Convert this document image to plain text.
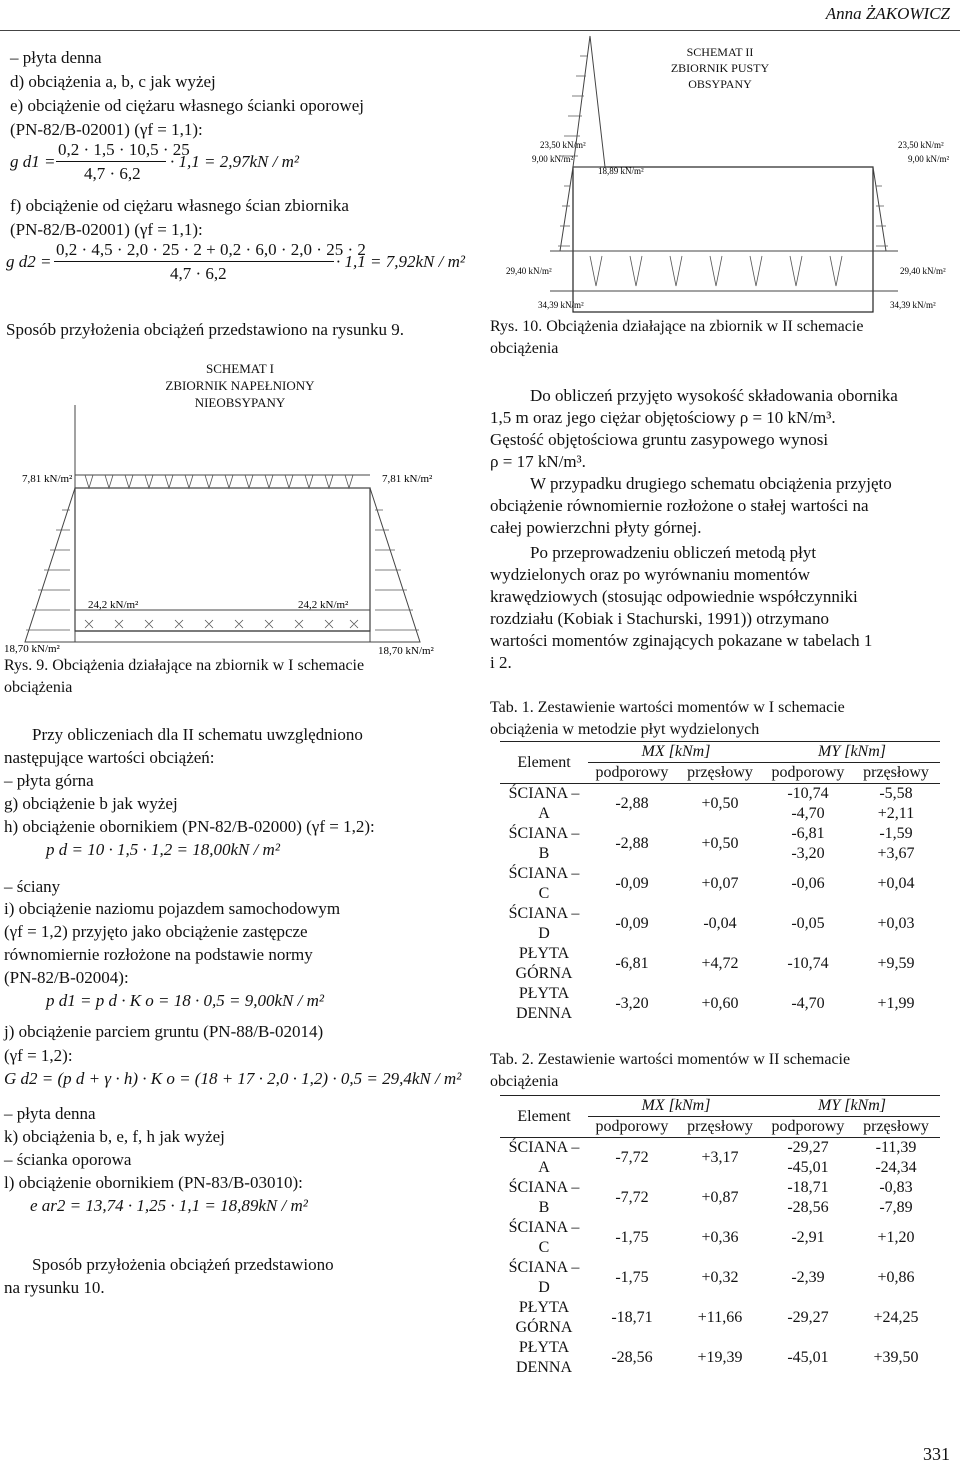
Anna ŻAKOWICZ
– płyta denna
d) obciążenia a, b, c jak wyżej
e) obciążenie od ciężaru własnego ścianki oporowej
(PN-82/B-02001) (γf = 1,1):
0,2 · 1,5 · 10,5 · 25
g d1 =	· 1,1 = 2,97kN / m²
4,7 · 6,2
f) obciążenie od ciężaru własnego ścian zbiornika
(PN-82/B-02001) (γf = 1,1):
0,2 · 4,5 · 2,0 · 25 · 2 + 0,2 · 6,0 · 2,0 · 25 · 2
g d2 =	· 1,1 = 7,92kN / m²
4,7 · 6,2
Sposób przyłożenia obciążeń przedstawiono na rysunku 9.
SCHEMAT I
ZBIORNIK NAPEŁNIONY
NIEOBSYPANY
7,81 kN/m²	7,81 kN/m²
24,2 kN/m²	24,2 kN/m²
18,70 kN/m²	18,70 kN/m²
Rys. 9. Obciążenia działające na zbiornik w I schemacie
obciążenia
Przy obliczeniach dla II schematu uwzględniono
następujące wartości obciążeń:
– płyta górna
g) obciążenie b jak wyżej
h) obciążenie obornikiem (PN-82/B-02000) (γf = 1,2):
p d = 10 · 1,5 · 1,2 = 18,00kN / m²
– ściany
i) obciążenie naziomu pojazdem samochodowym
(γf = 1,2) przyjęto jako obciążenie zastępcze
równomiernie rozłożone na podstawie normy
(PN-82/B-02004):
p d1 = p d · K o = 18 · 0,5 = 9,00kN / m²
j) obciążenie parciem gruntu (PN-88/B-02014)
(γf = 1,2):
G d2 = (p d + γ · h) · K o = (18 + 17 · 2,0 · 1,2) · 0,5 = 29,4kN / m²
– płyta denna
k) obciążenia b, e, f, h jak wyżej
– ścianka oporowa
l) obciążenie obornikiem (PN-83/B-03010):
e ar2 = 13,74 · 1,25 · 1,1 = 18,89kN / m²
Sposób przyłożenia obciążeń przedstawiono
na rysunku 10.
SCHEMAT II
ZBIORNIK PUSTY
OBSYPANY
23,50 kN/m²
9,00 kN/m²
18,89 kN/m²
23,50 kN/m²
9,00 kN/m²
29,40 kN/m²	29,40 kN/m²
34,39 kN/m²	34,39 kN/m²
Rys. 10. Obciążenia działające na zbiornik w II schemacie
obciążenia
Do obliczeń przyjęto wysokość składowania obornika
1,5 m oraz jego ciężar objętościowy ρ = 10 kN/m³.
Gęstość objętościowa gruntu zasypowego wynosi
ρ = 17 kN/m³.
W przypadku drugiego schematu obciążenia przyjęto
obciążenie równomiernie rozłożone o stałej wartości na
całej powierzchni płyty górnej.
Po przeprowadzeniu obliczeń metodą płyt
wydzielonych oraz po wyrównaniu momentów
krawędziowych (stosując odpowiednie współczynniki
rozdziału (Kobiak i Stachurski, 1991)) otrzymano
wartości momentów zginających pokazane w tabelach 1
i 2.
Tab. 1. Zestawienie wartości momentów w I schemacie
obciążenia w metodzie płyt wydzielonych
Element	MX [kNm]		MY [kNm]	
	podporowy	przęsłowy	podporowy	przęsłowy
ŚCIANA –	-2,88	+0,50	-10,74	-5,58
A			-4,70	+2,11
ŚCIANA –	-2,88	+0,50	-6,81	-1,59
B			-3,20	+3,67
ŚCIANA –	-0,09	+0,07	-0,06	+0,04
C				
ŚCIANA –	-0,09	-0,04	-0,05	+0,03
D				
PŁYTA	-6,81	+4,72	-10,74	+9,59
GÓRNA				
PŁYTA	-3,20	+0,60	-4,70	+1,99
DENNA				
Tab. 2. Zestawienie wartości momentów w II schemacie
obciążenia
Element	MX [kNm]		MY [kNm]	
	podporowy	przęsłowy	podporowy	przęsłowy
ŚCIANA –	-7,72	+3,17	-29,27	-11,39
A			-45,01	-24,34
ŚCIANA –	-7,72	+0,87	-18,71	-0,83
B			-28,56	-7,89
ŚCIANA –	-1,75	+0,36	-2,91	+1,20
C				
ŚCIANA –	-1,75	+0,32	-2,39	+0,86
D				
PŁYTA	-18,71	+11,66	-29,27	+24,25
GÓRNA				
PŁYTA	-28,56	+19,39	-45,01	+39,50
DENNA				
331
